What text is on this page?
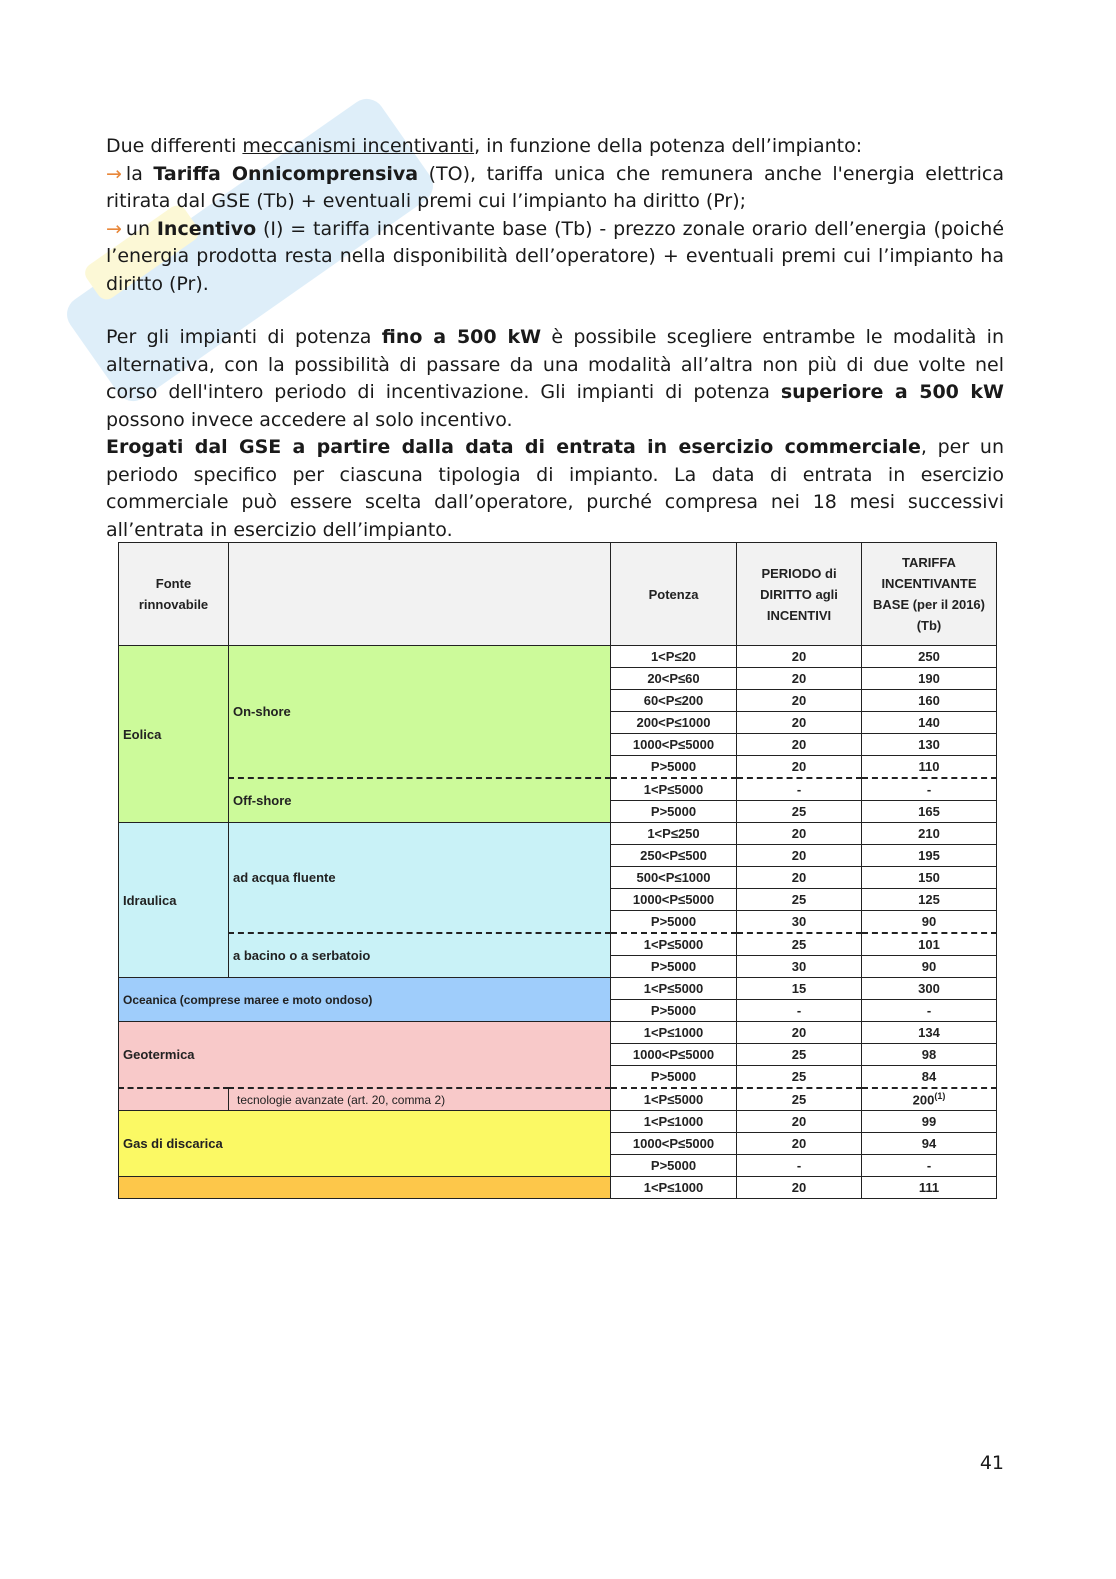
Due differenti meccanismi incentivanti, in funzione della potenza dell’impianto:

→ la Tariffa Onnicomprensiva (TO), tariffa unica che remunera anche l'energia elettrica ritirata dal GSE (Tb) + eventuali premi cui l’impianto ha diritto (Pr);

→ un Incentivo (I) = tariffa incentivante base (Tb) - prezzo zonale orario dell’energia (poiché l’energia prodotta resta nella disponibilità dell’operatore) + eventuali premi cui l’impianto ha diritto (Pr).

Per gli impianti di potenza fino a 500 kW è possibile scegliere entrambe le modalità in alternativa, con la possibilità di passare da una modalità all’altra non più di due volte nel corso dell'intero periodo di incentivazione. Gli impianti di potenza superiore a 500 kW possono invece accedere al solo incentivo.

Erogati dal GSE a partire dalla data di entrata in esercizio commerciale, per un periodo specifico per ciascuna tipologia di impianto. La data di entrata in esercizio commerciale può essere scelta dall’operatore, purché compresa nei 18 mesi successivi all’entrata in esercizio dell’impianto.

Fonte rinnovabile		Potenza	PERIODO di DIRITTO agli INCENTIVI	TARIFFA INCENTIVANTE BASE (per il 2016) (Tb)
Eolica	On-shore	1<P≤20	20	250
		20<P≤60	20	190
		60<P≤200	20	160
		200<P≤1000	20	140
		1000<P≤5000	20	130
		P>5000	20	110
	Off-shore	1<P≤5000	-	-
		P>5000	25	165
Idraulica	ad acqua fluente	1<P≤250	20	210
		250<P≤500	20	195
		500<P≤1000	20	150
		1000<P≤5000	25	125
		P>5000	30	90
	a bacino o a serbatoio	1<P≤5000	25	101
		P>5000	30	90
Oceanica (comprese maree e moto ondoso)		1<P≤5000	15	300
		P>5000	-	-
Geotermica		1<P≤1000	20	134
		1000<P≤5000	25	98
		P>5000	25	84
	tecnologie avanzate (art. 20, comma 2)	1<P≤5000	25	200$^{(1)}$
Gas di discarica		1<P≤1000	20	99
		1000<P≤5000	20	94
		P>5000	-	-
		1<P≤1000	20	111
41
